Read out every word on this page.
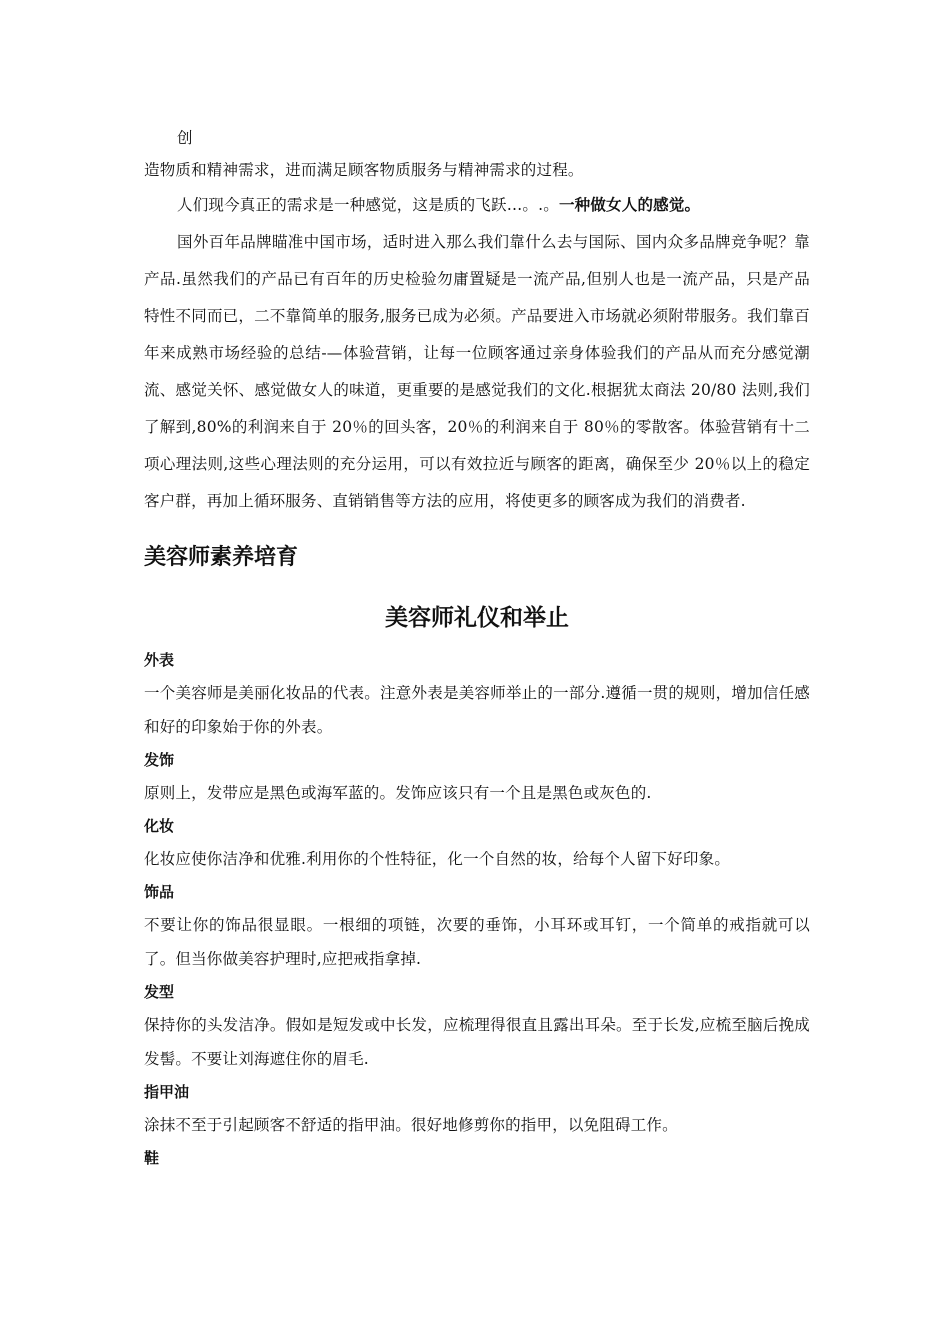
创

造物质和精神需求，进而满足顾客物质服务与精神需求的过程。

人们现今真正的需求是一种感觉，这是质的飞跃…。.。一种做女人的感觉。

国外百年品牌瞄准中国市场，适时进入那么我们靠什么去与国际、国内众多品牌竞争呢？靠产品.虽然我们的产品已有百年的历史检验勿庸置疑是一流产品,但别人也是一流产品，只是产品特性不同而已，二不靠简单的服务,服务已成为必须。产品要进入市场就必须附带服务。我们靠百年来成熟市场经验的总结-—体验营销，让每一位顾客通过亲身体验我们的产品从而充分感觉潮流、感觉关怀、感觉做女人的味道，更重要的是感觉我们的文化.根据犹太商法 20/80 法则,我们了解到,80%的利润来自于 20％的回头客，20％的利润来自于 80％的零散客。体验营销有十二项心理法则,这些心理法则的充分运用，可以有效拉近与顾客的距离，确保至少 20％以上的稳定客户群，再加上循环服务、直销销售等方法的应用，将使更多的顾客成为我们的消费者.

美容师素养培育
美容师礼仪和举止
外表

一个美容师是美丽化妆品的代表。注意外表是美容师举止的一部分.遵循一贯的规则，增加信任感和好的印象始于你的外表。

发饰

原则上，发带应是黑色或海军蓝的。发饰应该只有一个且是黑色或灰色的.

化妆

化妆应使你洁净和优雅.利用你的个性特征，化一个自然的妆，给每个人留下好印象。

饰品

不要让你的饰品很显眼。一根细的项链，次要的垂饰，小耳环或耳钉，一个简单的戒指就可以了。但当你做美容护理时,应把戒指拿掉.

发型

保持你的头发洁净。假如是短发或中长发，应梳理得很直且露出耳朵。至于长发,应梳至脑后挽成发髻。不要让刘海遮住你的眉毛.

指甲油

涂抹不至于引起顾客不舒适的指甲油。很好地修剪你的指甲，以免阻碍工作。

鞋
